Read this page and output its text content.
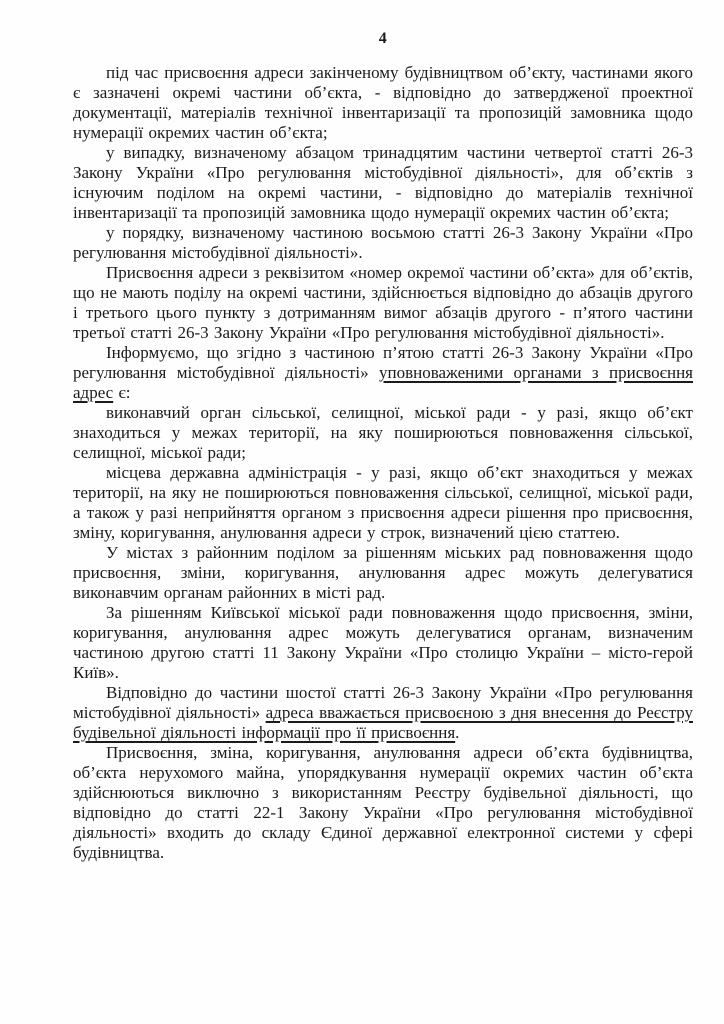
4

під час присвоєння адреси закінченому будівництвом об’єкту, частинами якого є зазначені окремі частини об’єкта, - відповідно до затвердженої проектної документації, матеріалів технічної інвентаризації та пропозицій замовника щодо нумерації окремих частин об’єкта;

у випадку, визначеному абзацом тринадцятим частини четвертої статті 26-3 Закону України «Про регулювання містобудівної діяльності», для об’єктів з існуючим поділом на окремі частини, - відповідно до матеріалів технічної інвентаризації та пропозицій замовника щодо нумерації окремих частин об’єкта;

у порядку, визначеному частиною восьмою статті 26-3 Закону України «Про регулювання містобудівної діяльності».

Присвоєння адреси з реквізитом «номер окремої частини об’єкта» для об’єктів, що не мають поділу на окремі частини, здійснюється відповідно до абзаців другого і третього цього пункту з дотриманням вимог абзаців другого - п’ятого частини третьої статті 26-3 Закону України «Про регулювання містобудівної діяльності».

Інформуємо, що згідно з частиною п’ятою статті 26-3 Закону України «Про регулювання містобудівної діяльності» уповноваженими органами з присвоєння адрес є:

виконавчий орган сільської, селищної, міської ради - у разі, якщо об’єкт знаходиться у межах території, на яку поширюються повноваження сільської, селищної, міської ради;

місцева державна адміністрація - у разі, якщо об’єкт знаходиться у межах території, на яку не поширюються повноваження сільської, селищної, міської ради, а також у разі неприйняття органом з присвоєння адреси рішення про присвоєння, зміну, коригування, анулювання адреси у строк, визначений цією статтею.

У містах з районним поділом за рішенням міських рад повноваження щодо присвоєння, зміни, коригування, анулювання адрес можуть делегуватися виконавчим органам районних в місті рад.

За рішенням Київської міської ради повноваження щодо присвоєння, зміни, коригування, анулювання адрес можуть делегуватися органам, визначеним частиною другою статті 11 Закону України «Про столицю України – місто-герой Київ».

Відповідно до частини шостої статті 26-3 Закону України «Про регулювання містобудівної діяльності» адреса вважається присвоєною з дня внесення до Реєстру будівельної діяльності інформації про її присвоєння.

Присвоєння, зміна, коригування, анулювання адреси об’єкта будівництва, об’єкта нерухомого майна, упорядкування нумерації окремих частин об’єкта здійснюються виключно з використанням Реєстру будівельної діяльності, що відповідно до статті 22-1 Закону України «Про регулювання містобудівної діяльності» входить до складу Єдиної державної електронної системи у сфері будівництва.
